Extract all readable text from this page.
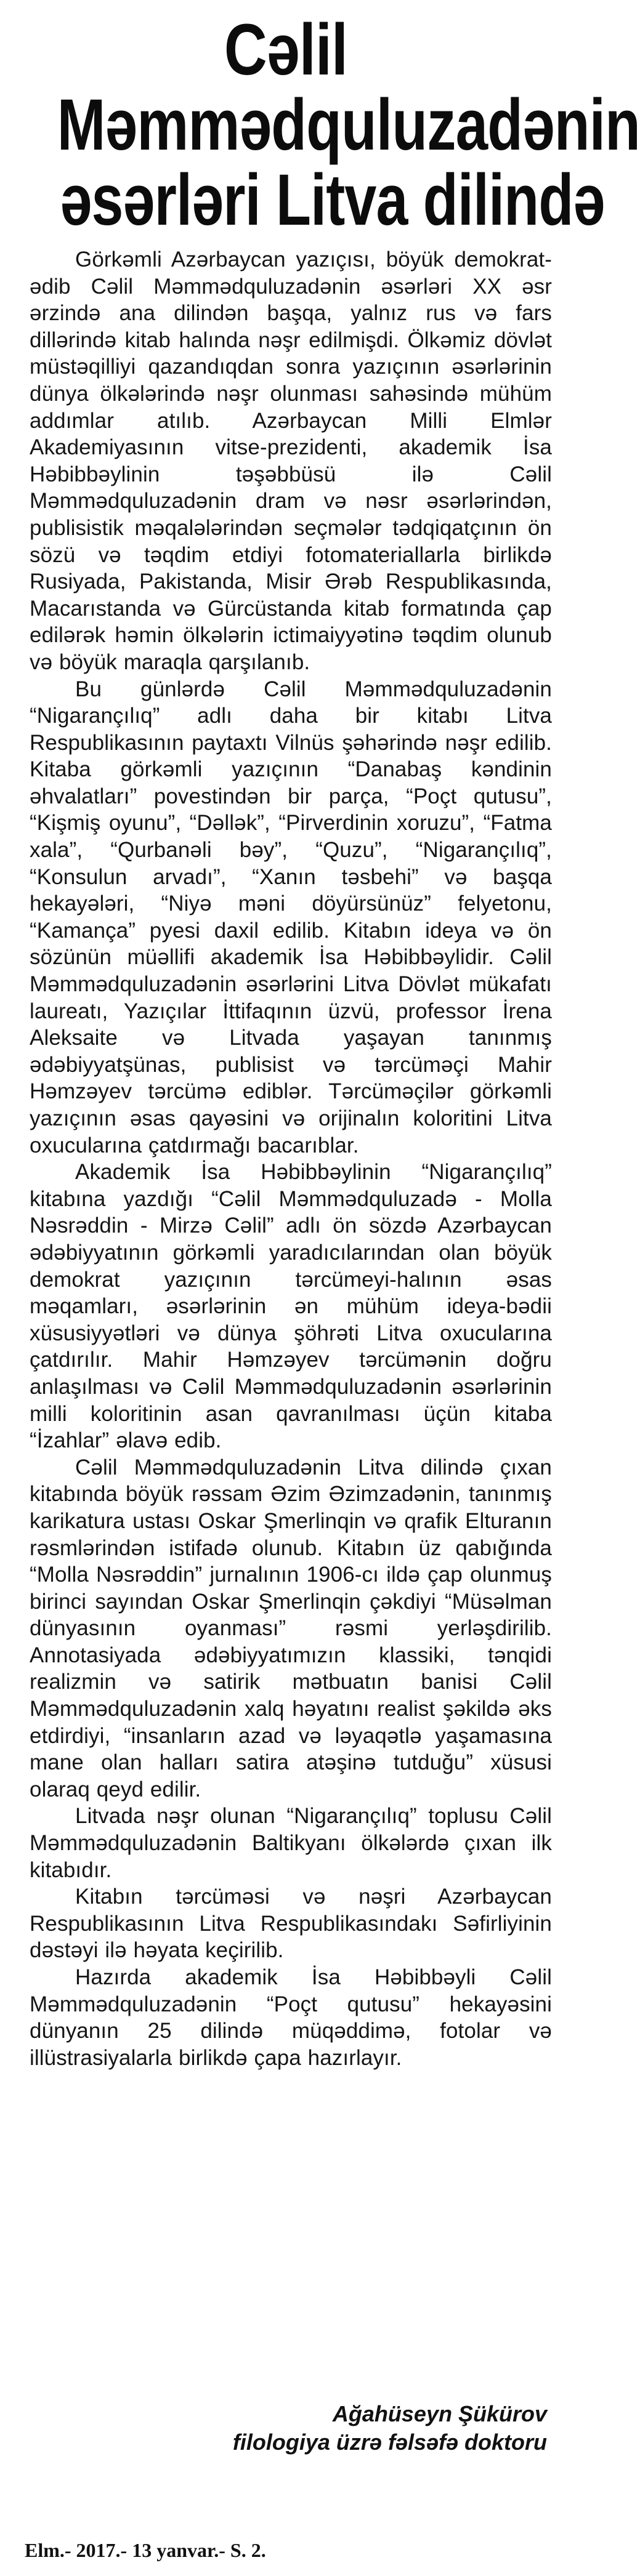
Cəlil
Məmmədquluzadənin
əsərləri Litva dilində

Görkəmli Azərbaycan yazıçısı, böyük demokrat-ədib Cəlil Məmmədquluzadənin əsərləri XX əsr ərzində ana dilindən başqa, yalnız rus və fars dillərində kitab halında nəşr edilmişdi. Ölkəmiz dövlət müstəqilliyi qazandıqdan sonra yazıçının əsərlərinin dünya ölkələrində nəşr olunması sahəsində mühüm addımlar atılıb. Azərbaycan Milli Elmlər Akademiyasının vitse-prezidenti, akademik İsa Həbibbəylinin təşəbbüsü ilə Cəlil Məmmədquluzadənin dram və nəsr əsərlərindən, publisistik məqalələrindən seçmələr tədqiqatçının ön sözü və təqdim etdiyi fotomateriallarla birlikdə Rusiyada, Pakistanda, Misir Ərəb Respublikasında, Macarıstanda və Gürcüstanda kitab formatında çap edilərək həmin ölkələrin ictimaiyyətinə təqdim olunub və böyük maraqla qarşılanıb.

Bu günlərdə Cəlil Məmmədquluzadənin “Nigarançılıq” adlı daha bir kitabı Litva Respublikasının paytaxtı Vilnüs şəhərində nəşr edilib. Kitaba görkəmli yazıçının “Danabaş kəndinin əhvalatları” povestindən bir parça, “Poçt qutusu”, “Kişmiş oyunu”, “Dəllək”, “Pirverdinin xoruzu”, “Fatma xala”, “Qurbanəli bəy”, “Quzu”, “Nigarançılıq”, “Konsulun arvadı”, “Xanın təsbehi” və başqa hekayələri, “Niyə məni döyürsünüz” felyetonu, “Kamança” pyesi daxil edilib. Kitabın ideya və ön sözünün müəllifi akademik İsa Həbibbəylidir. Cəlil Məmmədquluzadənin əsərlərini Litva Dövlət mükafatı laureatı, Yazıçılar İttifaqının üzvü, professor İrena Aleksaite və Litvada yaşayan tanınmış ədəbiyyatşünas, publisist və tərcüməçi Mahir Həmzəyev tərcümə ediblər. Tərcüməçilər görkəmli yazıçının əsas qayəsini və orijinalın koloritini Litva oxucularına çatdırmağı bacarıblar.

Akademik İsa Həbibbəylinin “Nigarançılıq” kitabına yazdığı “Cəlil Məmmədquluzadə - Molla Nəsrəddin - Mirzə Cəlil” adlı ön sözdə Azərbaycan ədəbiyyatının görkəmli yaradıcılarından olan böyük demokrat yazıçının tərcümeyi-halının əsas məqamları, əsərlərinin ən mühüm ideya-bədii xüsusiyyətləri və dünya şöhrəti Litva oxucularına çatdırılır. Mahir Həmzəyev tərcümənin doğru anlaşılması və Cəlil Məmmədquluzadənin əsərlərinin milli koloritinin asan qavranılması üçün kitaba “İzahlar” əlavə edib.

Cəlil Məmmədquluzadənin Litva dilində çıxan kitabında böyük rəssam Əzim Əzimzadənin, tanınmış karikatura ustası Oskar Şmerlinqin və qrafik Elturanın rəsmlərindən istifadə olunub. Kitabın üz qabığında “Molla Nəsrəddin” jurnalının 1906-cı ildə çap olunmuş birinci sayından Oskar Şmerlinqin çəkdiyi “Müsəlman dünyasının oyanması” rəsmi yerləşdirilib. Annotasiyada ədəbiyyatımızın klassiki, tənqidi realizmin və satirik mətbuatın banisi Cəlil Məmmədquluzadənin xalq həyatını realist şəkildə əks etdirdiyi, “insanların azad və ləyaqətlə yaşamasına mane olan halları satira atəşinə tutduğu” xüsusi olaraq qeyd edilir.

Litvada nəşr olunan “Nigarançılıq” toplusu Cəlil Məmmədquluzadənin Baltikyanı ölkələrdə çıxan ilk kitabıdır.

Kitabın tərcüməsi və nəşri Azərbaycan Respublikasının Litva Respublikasındakı Səfirliyinin dəstəyi ilə həyata keçirilib.

Hazırda akademik İsa Həbibbəyli Cəlil Məmmədquluzadənin “Poçt qutusu” hekayəsini dünyanın 25 dilində müqəddimə, fotolar və illüstrasiyalarla birlikdə çapa hazırlayır.

Ağahüseyn Şükürov
filologiya üzrə fəlsəfə doktoru
Elm.- 2017.- 13 yanvar.- S. 2.
